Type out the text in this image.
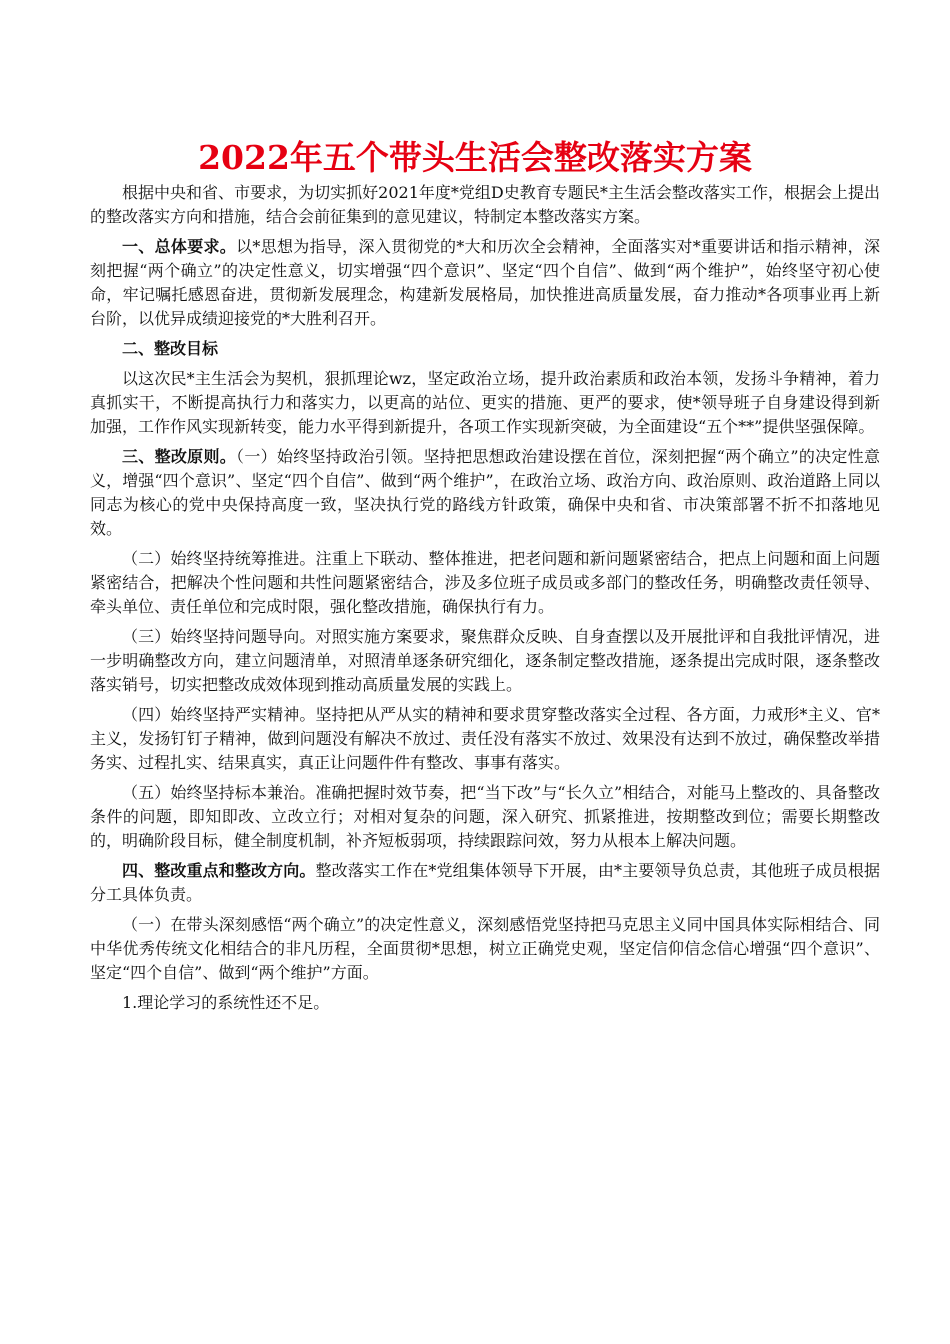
2022年五个带头生活会整改落实方案

根据中央和省、市要求，为切实抓好2021年度*党组D史教育专题民*主生活会整改落实工作，根据会上提出的整改落实方向和措施，结合会前征集到的意见建议，特制定本整改落实方案。

一、总体要求。以*思想为指导，深入贯彻党的*大和历次全会精神，全面落实对*重要讲话和指示精神，深刻把握“两个确立”的决定性意义，切实增强“四个意识”、坚定“四个自信”、做到“两个维护”，始终坚守初心使命，牢记嘱托感恩奋进，贯彻新发展理念，构建新发展格局，加快推进高质量发展，奋力推动*各项事业再上新台阶，以优异成绩迎接党的*大胜利召开。

二、整改目标

以这次民*主生活会为契机，狠抓理论wz，坚定政治立场，提升政治素质和政治本领，发扬斗争精神，着力真抓实干，不断提高执行力和落实力，以更高的站位、更实的措施、更严的要求，使*领导班子自身建设得到新加强，工作作风实现新转变，能力水平得到新提升，各项工作实现新突破，为全面建设“五个**”提供坚强保障。

三、整改原则。（一）始终坚持政治引领。坚持把思想政治建设摆在首位，深刻把握“两个确立”的决定性意义，增强“四个意识”、坚定“四个自信”、做到“两个维护”，在政治立场、政治方向、政治原则、政治道路上同以同志为核心的党中央保持高度一致，坚决执行党的路线方针政策，确保中央和省、市决策部署不折不扣落地见效。

（二）始终坚持统筹推进。注重上下联动、整体推进，把老问题和新问题紧密结合，把点上问题和面上问题紧密结合，把解决个性问题和共性问题紧密结合，涉及多位班子成员或多部门的整改任务，明确整改责任领导、牵头单位、责任单位和完成时限，强化整改措施，确保执行有力。

（三）始终坚持问题导向。对照实施方案要求，聚焦群众反映、自身查摆以及开展批评和自我批评情况，进一步明确整改方向，建立问题清单，对照清单逐条研究细化，逐条制定整改措施，逐条提出完成时限，逐条整改落实销号，切实把整改成效体现到推动高质量发展的实践上。

（四）始终坚持严实精神。坚持把从严从实的精神和要求贯穿整改落实全过程、各方面，力戒形*主义、官*主义，发扬钉钉子精神，做到问题没有解决不放过、责任没有落实不放过、效果没有达到不放过，确保整改举措务实、过程扎实、结果真实，真正让问题件件有整改、事事有落实。

（五）始终坚持标本兼治。准确把握时效节奏，把“当下改”与“长久立”相结合，对能马上整改的、具备整改条件的问题，即知即改、立改立行；对相对复杂的问题，深入研究、抓紧推进，按期整改到位；需要长期整改的，明确阶段目标，健全制度机制，补齐短板弱项，持续跟踪问效，努力从根本上解决问题。

四、整改重点和整改方向。整改落实工作在*党组集体领导下开展，由*主要领导负总责，其他班子成员根据分工具体负责。

（一）在带头深刻感悟“两个确立”的决定性意义，深刻感悟党坚持把马克思主义同中国具体实际相结合、同中华优秀传统文化相结合的非凡历程，全面贯彻*思想，树立正确党史观，坚定信仰信念信心增强“四个意识”、坚定“四个自信”、做到“两个维护”方面。

1.理论学习的系统性还不足。
